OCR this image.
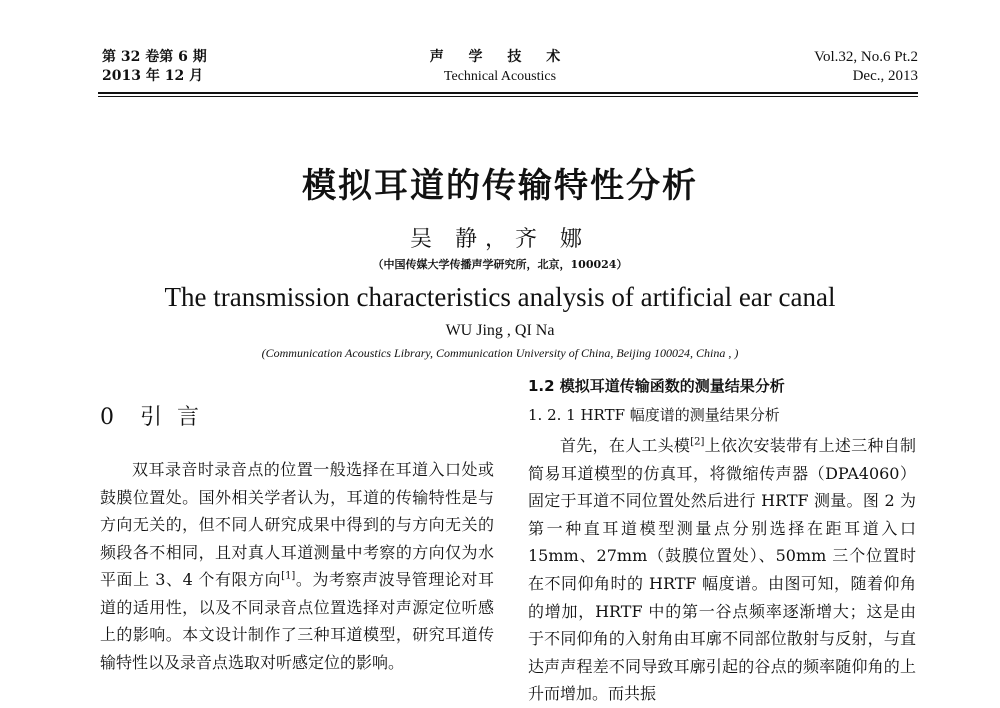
第 32 卷第 6 期
2013 年 12 月
声 学 技 术
Technical Acoustics
Vol.32, No.6 Pt.2
Dec., 2013
模拟耳道的传输特性分析
吴 静，齐 娜
（中国传媒大学传播声学研究所，北京，100024）
The transmission characteristics analysis of artificial ear canal
WU Jing , QI Na
(Communication Acoustics Library, Communication University of China, Beijing 100024, China , )
0 引 言

双耳录音时录音点的位置一般选择在耳道入口处或鼓膜位置处。国外相关学者认为，耳道的传输特性是与方向无关的，但不同人研究成果中得到的与方向无关的频段各不相同，且对真人耳道测量中考察的方向仅为水平面上 3、4 个有限方向[1]。为考察声波导管理论对耳道的适用性，以及不同录音点位置选择对声源定位听感上的影响。本文设计制作了三种耳道模型，研究耳道传输特性以及录音点选取对听感定位的影响。

1.2 模拟耳道传输函数的测量结果分析
1. 2. 1 HRTF 幅度谱的测量结果分析

首先，在人工头模[2]上依次安装带有上述三种自制简易耳道模型的仿真耳，将微缩传声器（DPA4060）固定于耳道不同位置处然后进行 HRTF 测量。图 2 为第一种直耳道模型测量点分别选择在距耳道入口 15mm、27mm（鼓膜位置处）、50mm 三个位置时在不同仰角时的 HRTF 幅度谱。由图可知，随着仰角的增加，HRTF 中的第一谷点频率逐渐增大；这是由于不同仰角的入射角由耳廓不同部位散射与反射，与直达声声程差不同导致耳廓引起的谷点的频率随仰角的上升而增加。而共振
